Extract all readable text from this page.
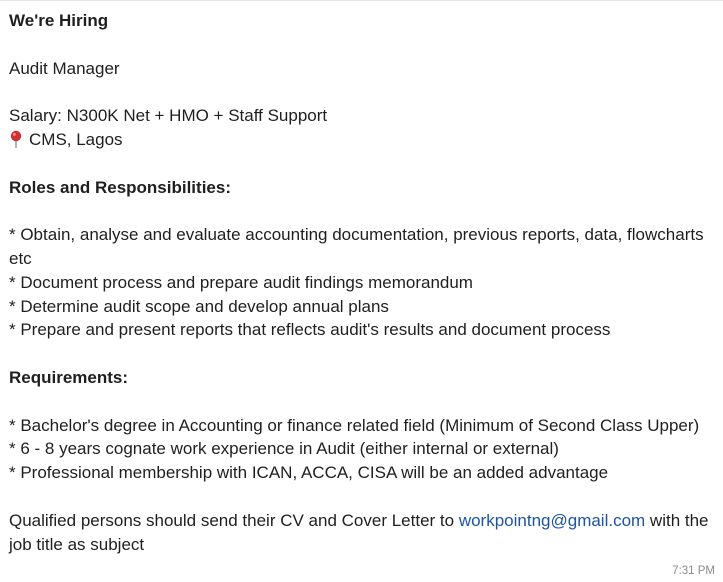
We're Hiring
Audit Manager
Salary: N300K Net + HMO + Staff Support
CMS, Lagos
Roles and Responsibilities:
* Obtain, analyse and evaluate accounting documentation, previous reports, data, flowcharts etc
* Document process and prepare audit findings memorandum
* Determine audit scope and develop annual plans
* Prepare and present reports that reflects audit's results and document process
Requirements:
* Bachelor's degree in Accounting or finance related field (Minimum of Second Class Upper)
* 6 - 8 years cognate work experience in Audit (either internal or external)
* Professional membership with ICAN, ACCA, CISA will be an added advantage
Qualified persons should send their CV and Cover Letter to workpointng@gmail.com with the job title as subject
7:31 PM
